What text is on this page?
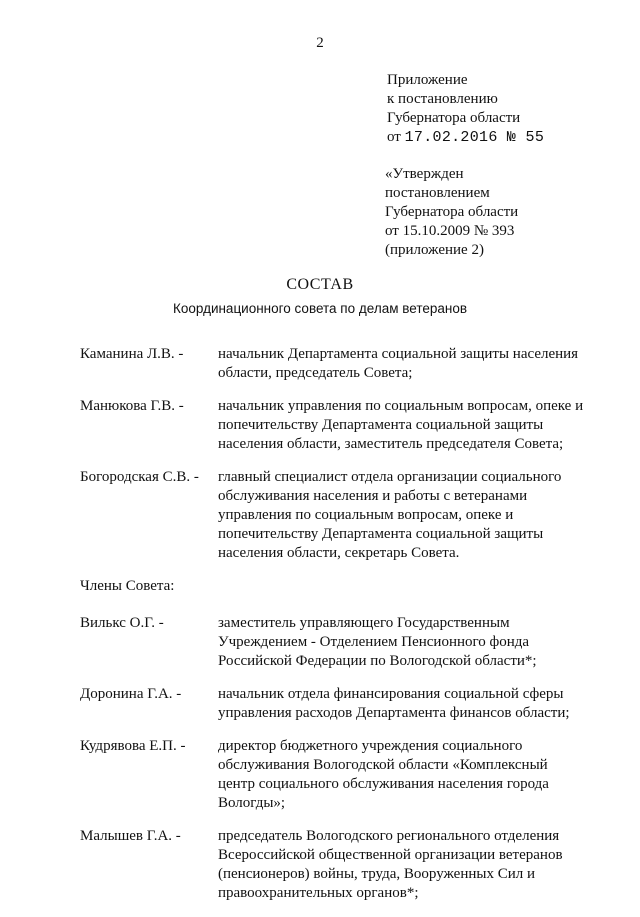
2
Приложение
к постановлению
Губернатора области
от 17.02.2016 № 55
«Утвержден
постановлением
Губернатора области
от 15.10.2009 № 393
(приложение 2)
СОСТАВ
Координационного совета по делам ветеранов
Каманина Л.В. -	начальник Департамента социальной защиты населения
области, председатель Совета;
Манюкова Г.В. -	начальник управления по социальным вопросам, опеке и
попечительству Департамента социальной защиты
населения области, заместитель председателя Совета;
Богородская С.В. -	главный специалист отдела организации социального
обслуживания населения и работы с ветеранами
управления по социальным вопросам, опеке и
попечительству Департамента социальной защиты
населения области, секретарь Совета.
Члены Совета:
Вилькс О.Г. -	заместитель управляющего Государственным
Учреждением - Отделением Пенсионного фонда
Российской Федерации по Вологодской области*;
Доронина Г.А. -	начальник отдела финансирования социальной сферы
управления расходов Департамента финансов области;
Кудрявова Е.П. -	директор бюджетного учреждения социального
обслуживания Вологодской области «Комплексный
центр социального обслуживания населения города
Вологды»;
Малышев Г.А. -	председатель Вологодского регионального отделения
Всероссийской общественной организации ветеранов
(пенсионеров) войны, труда, Вооруженных Сил и
правоохранительных органов*;
